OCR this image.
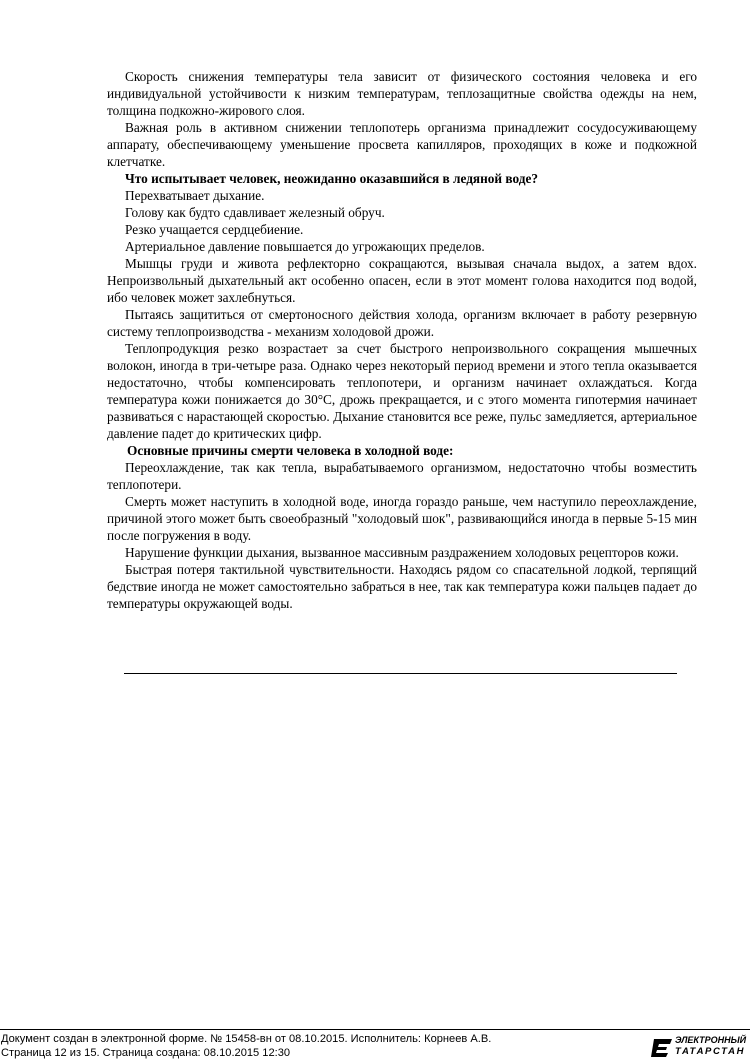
Скорость снижения температуры тела зависит от физического состояния человека и его индивидуальной устойчивости к низким температурам, теплозащитные свойства одежды на нем, толщина подкожно-жирового слоя.

Важная роль в активном снижении теплопотерь организма принадлежит сосудосуживающему аппарату, обеспечивающему уменьшение просвета капилляров, проходящих в коже и подкожной клетчатке.

Что испытывает человек, неожиданно оказавшийся в ледяной воде?

Перехватывает дыхание.

Голову как будто сдавливает железный обруч.

Резко учащается сердцебиение.

Артериальное давление повышается до угрожающих пределов.

Мышцы груди и живота рефлекторно сокращаются, вызывая сначала выдох, а затем вдох. Непроизвольный дыхательный акт особенно опасен, если в этот момент голова находится под водой, ибо человек может захлебнуться.

Пытаясь защититься от смертоносного действия холода, организм включает в работу резервную систему теплопроизводства - механизм холодовой дрожи.

Теплопродукция резко возрастает за счет быстрого непроизвольного сокращения мышечных волокон, иногда в три-четыре раза. Однако через некоторый период времени и этого тепла оказывается недостаточно, чтобы компенсировать теплопотери, и организм начинает охлаждаться. Когда температура кожи понижается до 30°С, дрожь прекращается, и с этого момента гипотермия начинает развиваться с нарастающей скоростью. Дыхание становится все реже, пульс замедляется, артериальное давление падет до критических цифр.

Основные причины смерти человека в холодной воде:

Переохлаждение, так как тепла, вырабатываемого организмом, недостаточно чтобы возместить теплопотери.

Смерть может наступить в холодной воде, иногда гораздо раньше, чем наступило переохлаждение, причиной этого может быть своеобразный "холодовый шок", развивающийся иногда в первые 5-15 мин после погружения в воду.

Нарушение функции дыхания, вызванное массивным раздражением холодовых рецепторов кожи.

Быстрая потеря тактильной чувствительности. Находясь рядом со спасательной лодкой, терпящий бедствие иногда не может самостоятельно забраться в нее, так как температура кожи пальцев падает до температуры окружающей воды.

Документ создан в электронной форме. № 15458-вн от 08.10.2015. Исполнитель: Корнеев А.В.
Страница 12 из 15. Страница создана: 08.10.2015 12:30
ЭЛЕКТРОННЫЙ
ТАТАРСТАН
